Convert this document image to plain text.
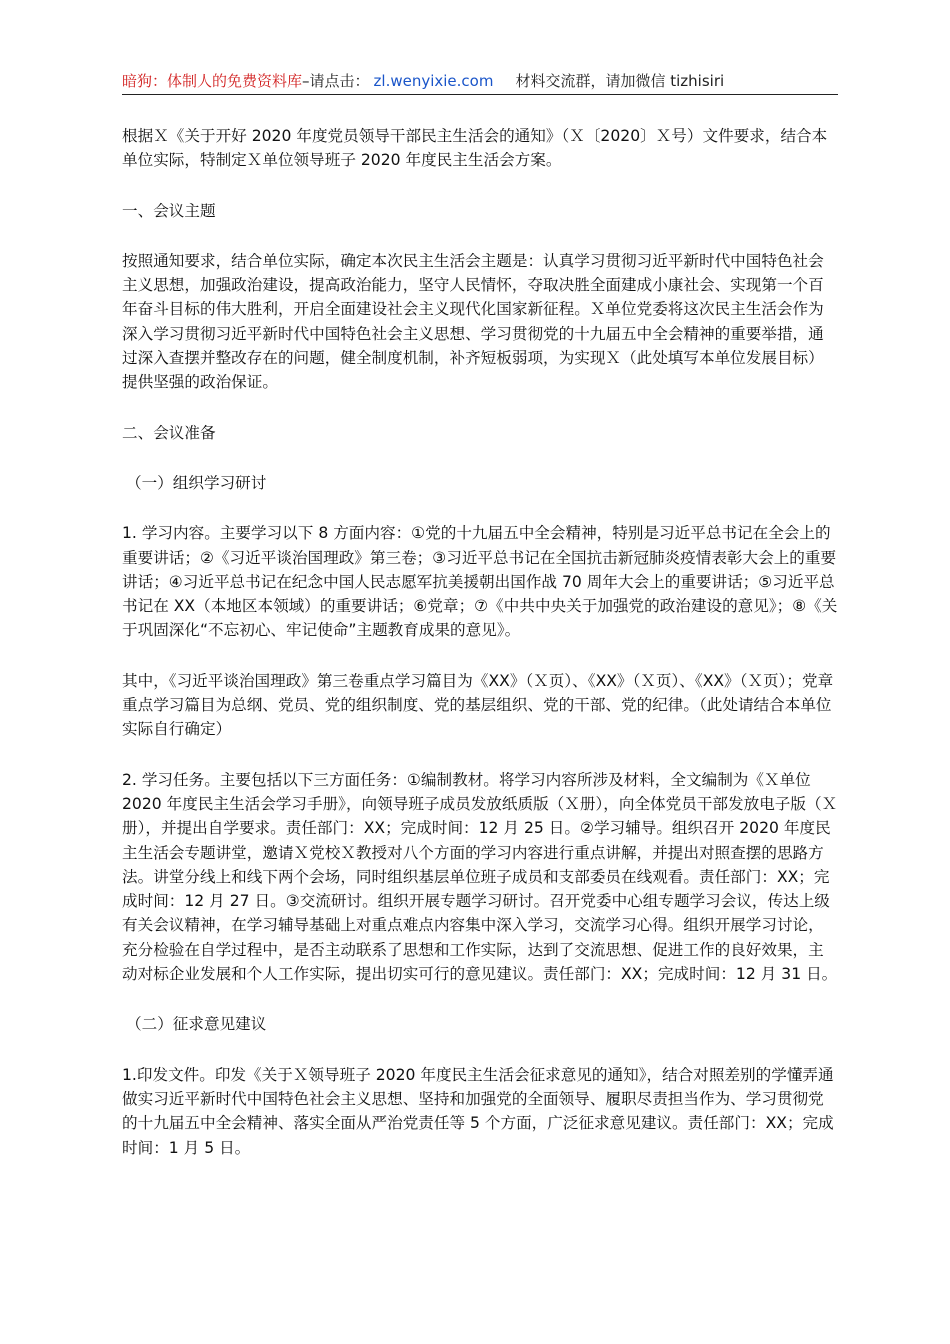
暗狗：体制人的免费资料库–请点击： zl.wenyixie.com 材料交流群，请加微信 tizhisiri

根据Ｘ《关于开好 2020 年度党员领导干部民主生活会的通知》（Ｘ〔2020〕Ｘ号）文件要求，结合本单位实际，特制定Ｘ单位领导班子 2020 年度民主生活会方案。

一、会议主题

按照通知要求，结合单位实际，确定本次民主生活会主题是：认真学习贯彻习近平新时代中国特色社会主义思想，加强政治建设，提高政治能力，坚守人民情怀，夺取决胜全面建成小康社会、实现第一个百年奋斗目标的伟大胜利，开启全面建设社会主义现代化国家新征程。Ｘ单位党委将这次民主生活会作为深入学习贯彻习近平新时代中国特色社会主义思想、学习贯彻党的十九届五中全会精神的重要举措，通过深入查摆并整改存在的问题，健全制度机制，补齐短板弱项，为实现Ｘ（此处填写本单位发展目标）提供坚强的政治保证。

二、会议准备
（一）组织学习研讨

1. 学习内容。主要学习以下 8 方面内容：①党的十九届五中全会精神，特别是习近平总书记在全会上的重要讲话；②《习近平谈治国理政》第三卷；③习近平总书记在全国抗击新冠肺炎疫情表彰大会上的重要讲话；④习近平总书记在纪念中国人民志愿军抗美援朝出国作战 70 周年大会上的重要讲话；⑤习近平总书记在 XX（本地区本领域）的重要讲话；⑥党章；⑦《中共中央关于加强党的政治建设的意见》；⑧《关于巩固深化“不忘初心、牢记使命”主题教育成果的意见》。

其中，《习近平谈治国理政》第三卷重点学习篇目为《XX》（Ｘ页）、《XX》（Ｘ页）、《XX》（Ｘ页）；党章重点学习篇目为总纲、党员、党的组织制度、党的基层组织、党的干部、党的纪律。（此处请结合本单位实际自行确定）

2. 学习任务。主要包括以下三方面任务：①编制教材。将学习内容所涉及材料，全文编制为《Ｘ单位 2020 年度民主生活会学习手册》，向领导班子成员发放纸质版（Ｘ册），向全体党员干部发放电子版（Ｘ册），并提出自学要求。责任部门：XX；完成时间：12 月 25 日。②学习辅导。组织召开 2020 年度民主生活会专题讲堂，邀请Ｘ党校Ｘ教授对八个方面的学习内容进行重点讲解，并提出对照查摆的思路方法。讲堂分线上和线下两个会场，同时组织基层单位班子成员和支部委员在线观看。责任部门：XX；完成时间：12 月 27 日。③交流研讨。组织开展专题学习研讨。召开党委中心组专题学习会议，传达上级有关会议精神，在学习辅导基础上对重点难点内容集中深入学习，交流学习心得。组织开展学习讨论，充分检验在自学过程中，是否主动联系了思想和工作实际，达到了交流思想、促进工作的良好效果，主动对标企业发展和个人工作实际，提出切实可行的意见建议。责任部门：XX；完成时间：12 月 31 日。

（二）征求意见建议

1.印发文件。印发《关于Ｘ领导班子 2020 年度民主生活会征求意见的通知》，结合对照差别的学懂弄通做实习近平新时代中国特色社会主义思想、坚持和加强党的全面领导、履职尽责担当作为、学习贯彻党的十九届五中全会精神、落实全面从严治党责任等 5 个方面，广泛征求意见建议。责任部门：XX；完成时间：1 月 5 日。
